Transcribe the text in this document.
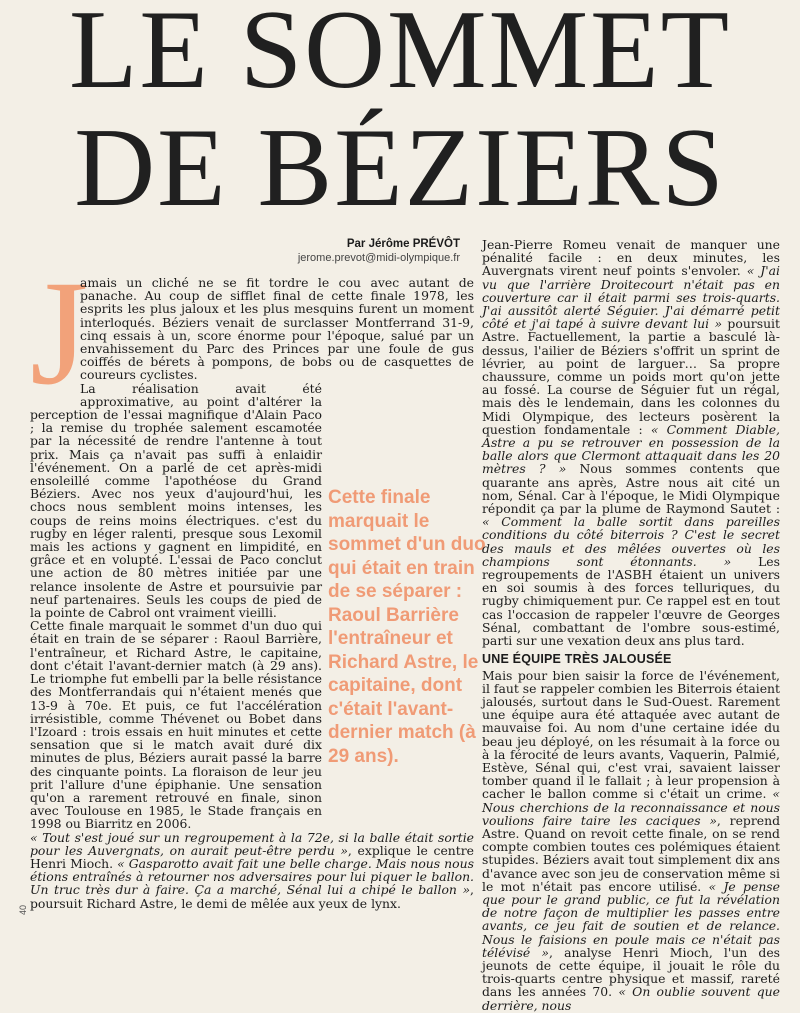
LE SOMMET
DE BÉZIERS
Par Jérôme PRÉVÔT
jerome.prevot@midi-olympique.fr
J

amais un cliché ne se fit tordre le cou avec autant de panache. Au coup de sifflet final de cette finale 1978, les esprits les plus jaloux et les plus mesquins furent un moment interloqués. Béziers venait de surclasser Montferrand 31-9, cinq essais à un, score énorme pour l'époque, salué par un envahissement du Parc des Princes par une foule de gus coiffés de bérets à pompons, de bobs ou de casquettes de coureurs cyclistes.

La réalisation avait été approximative, au point d'altérer la perception de l'essai magnifique d'Alain Paco ; la remise du trophée salement escamotée par la nécessité de rendre l'antenne à tout prix. Mais ça n'avait pas suffi à enlaidir l'événement. On a parlé de cet après-midi ensoleillé comme l'apothéose du Grand Béziers. Avec nos yeux d'aujourd'hui, les chocs nous semblent moins intenses, les coups de reins moins électriques. c'est du rugby en léger ralenti, presque sous Lexomil mais les actions y gagnent en limpidité, en grâce et en volupté. L'essai de Paco conclut une action de 80 mètres initiée par une relance insolente de Astre et poursuivie par neuf partenaires. Seuls les coups de pied de la pointe de Cabrol ont vraiment vieilli.

Cette finale marquait le sommet d'un duo qui était en train de se séparer : Raoul Barrière, l'entraîneur, et Richard Astre, le capitaine, dont c'était l'avant-dernier match (à 29 ans). Le triomphe fut embelli par la belle résistance des Montferrandais qui n'étaient menés que 13-9 à 70e. Et puis, ce fut l'accélération irrésistible, comme Thévenet ou Bobet dans l'Izoard : trois essais en huit minutes et cette sensation que si le match avait duré dix minutes de plus, Béziers aurait passé la barre des cinquante points. La floraison de leur jeu prit l'allure d'une épiphanie. Une sensation qu'on a rarement retrouvé en finale, sinon avec Toulouse en 1985, le Stade français en 1998 ou Biarritz en 2006.
« Tout s'est joué sur un regroupement à la 72e, si la balle était sortie pour les Auvergnats, on aurait peut-être perdu », explique le centre Henri Mioch. « Gasparotto avait fait une belle charge. Mais nous nous étions entraînés à retourner nos adversaires pour lui piquer le ballon. Un truc très dur à faire. Ça a marché, Sénal lui a chipé le ballon », poursuit Richard Astre, le demi de mêlée aux yeux de lynx.

Cette finale marquait le sommet d'un duo qui était en train de se séparer : Raoul Barrière l'entraîneur et Richard Astre, le capitaine, dont c'était l'avant-dernier match (à 29 ans).

Jean-Pierre Romeu venait de manquer une pénalité facile : en deux minutes, les Auvergnats virent neuf points s'envoler. « J'ai vu que l'arrière Droitecourt n'était pas en couverture car il était parmi ses trois-quarts. J'ai aussitôt alerté Séguier. J'ai démarré petit côté et j'ai tapé à suivre devant lui » poursuit Astre. Factuellement, la partie a basculé là-dessus, l'ailier de Béziers s'offrit un sprint de lévrier, au point de larguer… Sa propre chaussure, comme un poids mort qu'on jette au fossé. La course de Séguier fut un régal, mais dès le lendemain, dans les colonnes du Midi Olympique, des lecteurs posèrent la question fondamentale : « Comment Diable, Astre a pu se retrouver en possession de la balle alors que Clermont attaquait dans les 20 mètres ? » Nous sommes contents que quarante ans après, Astre nous ait cité un nom, Sénal. Car à l'époque, le Midi Olympique répondit ça par la plume de Raymond Sautet : « Comment la balle sortit dans pareilles conditions du côté biterrois ? C'est le secret des mauls et des mêlées ouvertes où les champions sont étonnants. » Les regroupements de l'ASBH étaient un univers en soi soumis à des forces telluriques, du rugby chimiquement pur. Ce rappel est en tout cas l'occasion de rappeler l'œuvre de Georges Sénal, combattant de l'ombre sous-estimé, parti sur une vexation deux ans plus tard.

UNE ÉQUIPE TRÈS JALOUSÉE

Mais pour bien saisir la force de l'événement, il faut se rappeler combien les Biterrois étaient jalousés, surtout dans le Sud-Ouest. Rarement une équipe aura été attaquée avec autant de mauvaise foi. Au nom d'une certaine idée du beau jeu déployé, on les résumait à la force ou à la férocité de leurs avants, Vaquerin, Palmié, Estève, Sénal qui, c'est vrai, savaient laisser tomber quand il le fallait ; à leur propension à cacher le ballon comme si c'était un crime. « Nous cherchions de la reconnaissance et nous voulions faire taire les caciques », reprend Astre. Quand on revoit cette finale, on se rend compte combien toutes ces polémiques étaient stupides. Béziers avait tout simplement dix ans d'avance avec son jeu de conservation même si le mot n'était pas encore utilisé. « Je pense que pour le grand public, ce fut la révélation de notre façon de multiplier les passes entre avants, ce jeu fait de soutien et de relance. Nous le faisions en poule mais ce n'était pas télévisé », analyse Henri Mioch, l'un des jeunots de cette équipe, il jouait le rôle du trois-quarts centre physique et massif, rareté dans les années 70. « On oublie souvent que derrière, nous

40
